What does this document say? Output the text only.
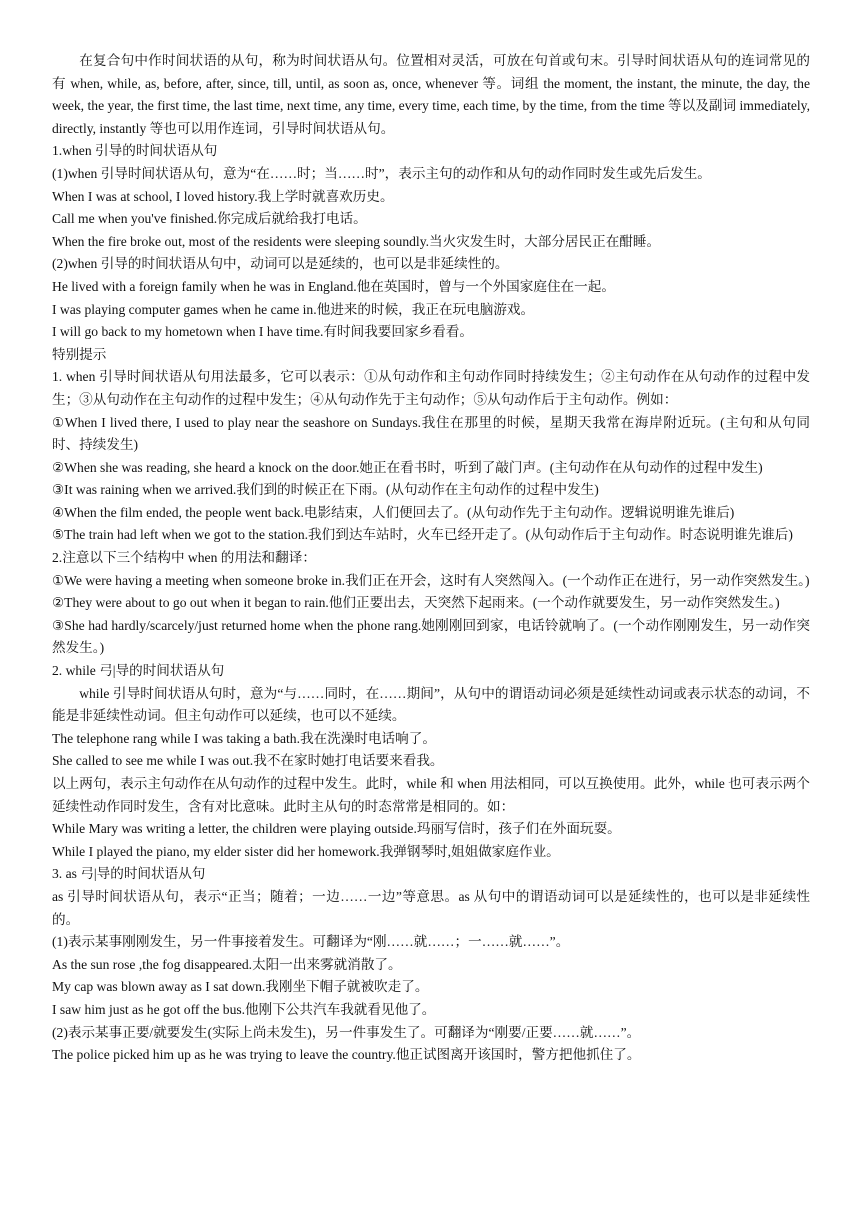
在复合句中作时间状语的从句，称为时间状语从句。位置相对灵活，可放在句首或句末。引导时间状语从句的连词常见的有 when, while, as, before, after, since, till, until, as soon as, once, whenever 等。词组 the moment, the instant, the minute, the day, the week, the year, the first time, the last time, next time, any time, every time, each time, by the time, from the time 等以及副词 immediately, directly, instantly 等也可以用作连词，引导时间状语从句。

1.when 引导的时间状语从句

(1)when 引导时间状语从句，意为“在……时；当……时”，表示主句的动作和从句的动作同时发生或先后发生。

When I was at school, I loved history.我上学时就喜欢历史。

Call me when you've finished.你完成后就给我打电话。

When the fire broke out, most of the residents were sleeping soundly.当火灾发生时，大部分居民正在酣睡。

(2)when 引导的时间状语从句中，动词可以是延续的，也可以是非延续性的。

He lived with a foreign family when he was in England.他在英国时，曾与一个外国家庭住在一起。

I was playing computer games when he came in.他进来的时候，我正在玩电脑游戏。

I will go back to my hometown when I have time.有时间我要回家乡看看。

特别提示

1. when 引导时间状语从句用法最多，它可以表示：①从句动作和主句动作同时持续发生；②主句动作在从句动作的过程中发生；③从句动作在主句动作的过程中发生；④从句动作先于主句动作；⑤从句动作后于主句动作。例如：

①When I lived there, I used to play near the seashore on Sundays.我住在那里的时候，星期天我常在海岸附近玩。(主句和从句同时、持续发生)

②When she was reading, she heard a knock on the door.她正在看书时，听到了敲门声。(主句动作在从句动作的过程中发生)

③It was raining when we arrived.我们到的时候正在下雨。(从句动作在主句动作的过程中发生)

④When the film ended, the people went back.电影结束，人们便回去了。(从句动作先于主句动作。逻辑说明谁先谁后)

⑤The train had left when we got to the station.我们到达车站时，火车已经开走了。(从句动作后于主句动作。时态说明谁先谁后)

2.注意以下三个结构中 when 的用法和翻译：

①We were having a meeting when someone broke in.我们正在开会，这时有人突然闯入。(一个动作正在进行，另一动作突然发生。)

②They were about to go out when it began to rain.他们正要出去，天突然下起雨来。(一个动作就要发生，另一动作突然发生。)

③She had hardly/scarcely/just returned home when the phone rang.她刚刚回到家，电话铃就响了。(一个动作刚刚发生，另一动作突然发生。)

2. while 弓|导的时间状语从句

while 引导时间状语从句时，意为“与……同时，在……期间”，从句中的谓语动词必须是延续性动词或表示状态的动词，不能是非延续性动词。但主句动作可以延续，也可以不延续。

The telephone rang while I was taking a bath.我在洗澡时电话响了。

She called to see me while I was out.我不在家时她打电话要来看我。

以上两句，表示主句动作在从句动作的过程中发生。此时，while 和 when 用法相同，可以互换使用。此外，while 也可表示两个延续性动作同时发生，含有对比意味。此时主从句的时态常常是相同的。如：

While Mary was writing a letter, the children were playing outside.玛丽写信时，孩子们在外面玩耍。

While I played the piano, my elder sister did her homework.我弹钢琴时,姐姐做家庭作业。

3. as 弓|导的时间状语从句

as 引导时间状语从句，表示“正当；随着；一边……一边”等意思。as 从句中的谓语动词可以是延续性的，也可以是非延续性的。

(1)表示某事刚刚发生，另一件事接着发生。可翻译为“刚……就……；一……就……”。

As the sun rose ,the fog disappeared.太阳一出来雾就消散了。

My cap was blown away as I sat down.我刚坐下帽子就被吹走了。

I saw him just as he got off the bus.他刚下公共汽车我就看见他了。

(2)表示某事正要/就要发生(实际上尚未发生)，另一件事发生了。可翻译为“刚要/正要……就……”。

The police picked him up as he was trying to leave the country.他正试图离开该国时，警方把他抓住了。
